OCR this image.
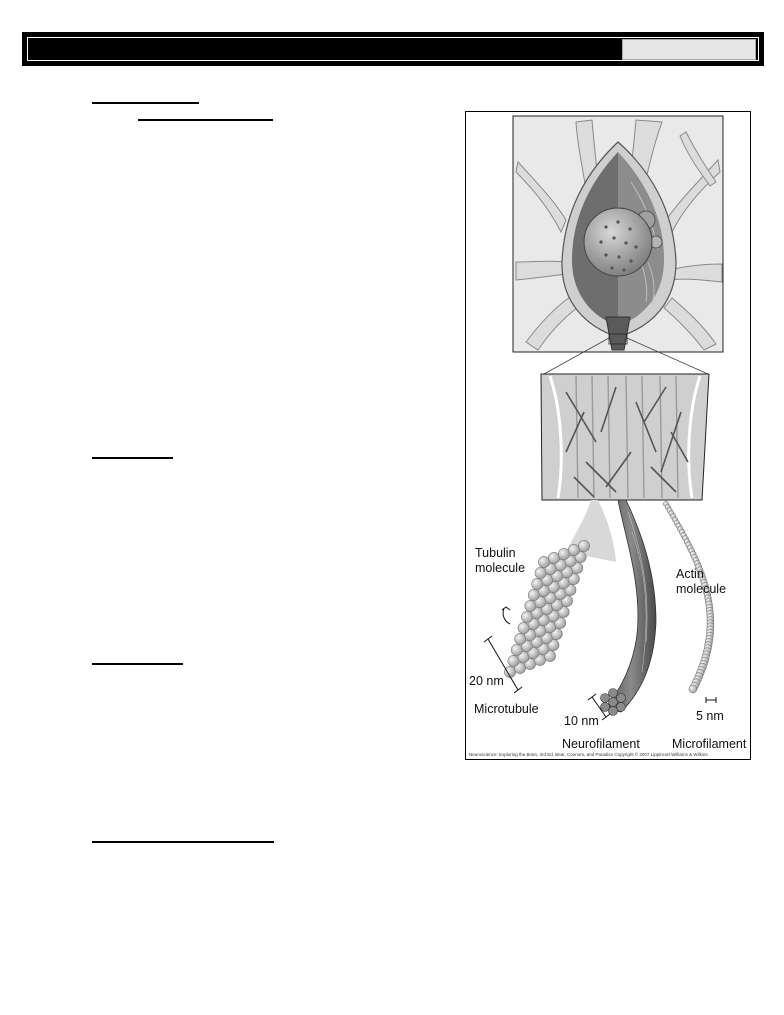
Tubulin
molecule	Actin
molecule
20 nm
Microtubule
10 nm
Neurofilament
5 nm
Microfilament
Neuroscience: Exploring the Brain, 3rd Ed, Bear, Connors, and Paradiso Copyright © 2007 Lippincott Williams & Wilkins
